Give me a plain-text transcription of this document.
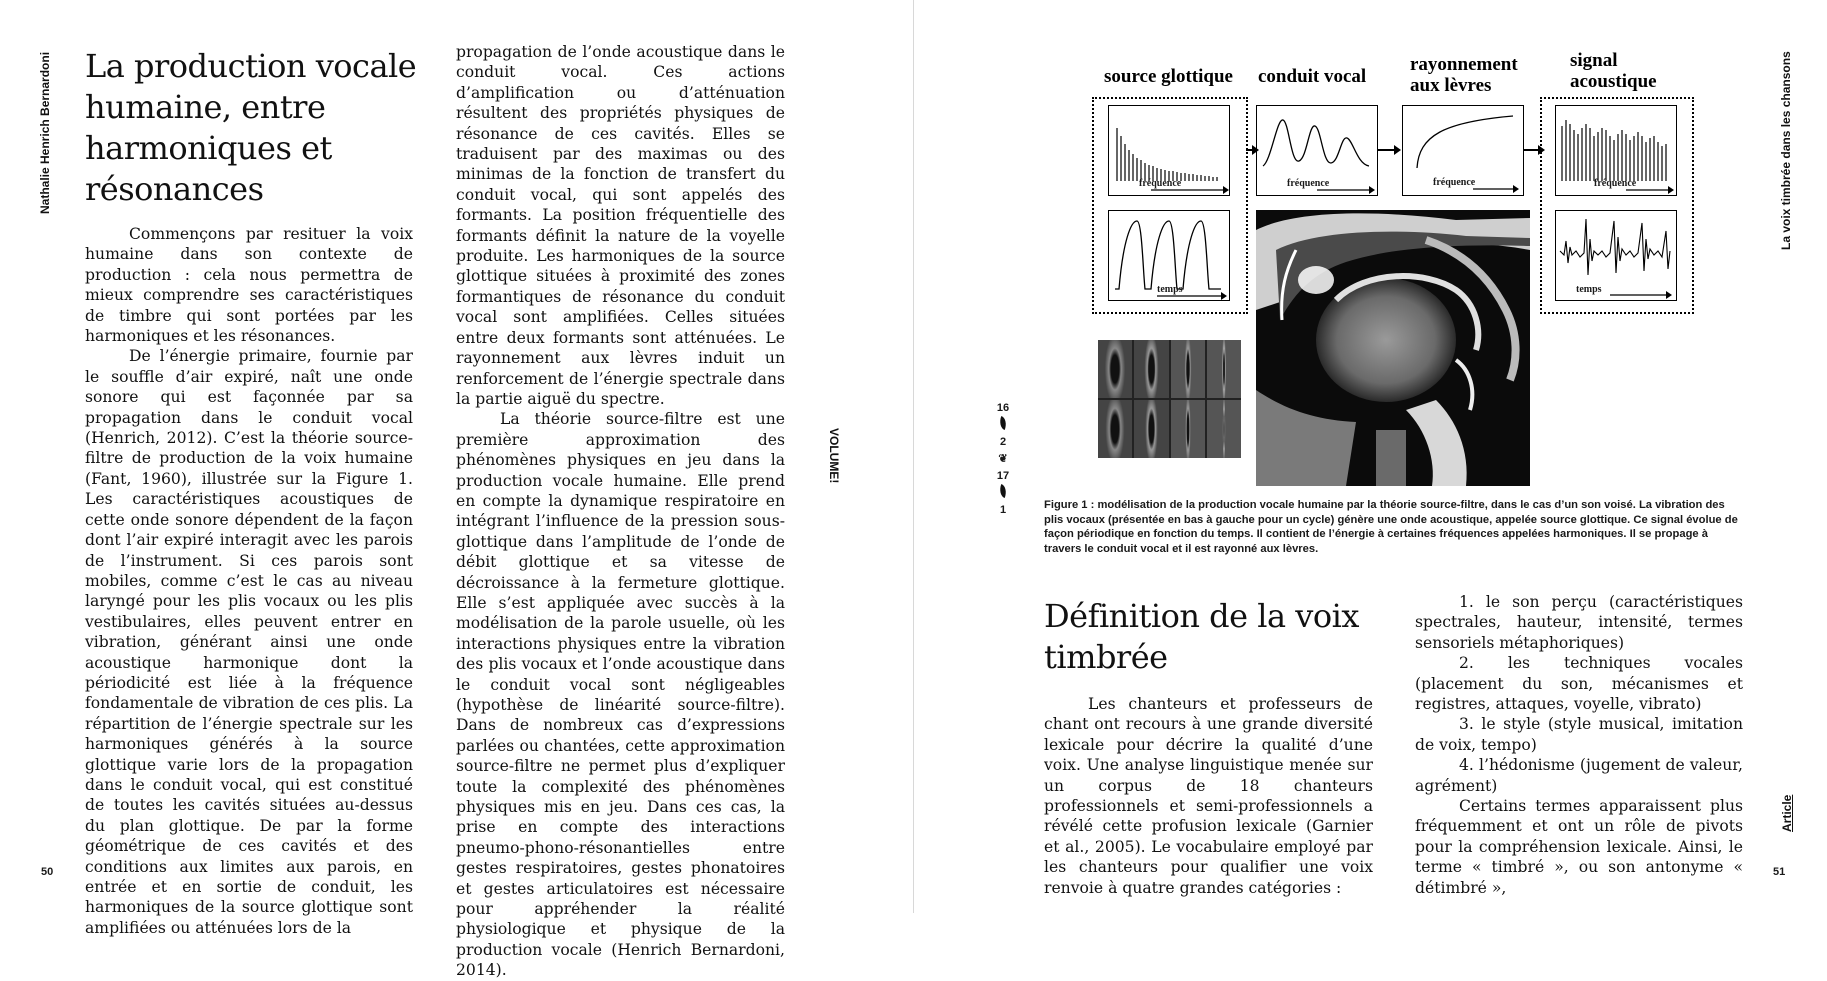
Nathalie Henrich Bernardoni
VOLUME!
50
La production vocale
humaine, entre
harmoniques et
résonances

Commençons par resituer la voix humaine dans son contexte de production : cela nous permettra de mieux comprendre ses caractéristiques de timbre qui sont portées par les harmoniques et les résonances.

De l’énergie primaire, fournie par le souffle d’air expiré, naît une onde sonore qui est façonnée par sa propagation dans le conduit vocal (Henrich, 2012). C’est la théorie source-filtre de production de la voix humaine (Fant, 1960), illustrée sur la Figure 1. Les caractéristiques acoustiques de cette onde sonore dépendent de la façon dont l’air expiré interagit avec les parois de l’instrument. Si ces parois sont mobiles, comme c’est le cas au niveau laryngé pour les plis vocaux ou les plis vestibulaires, elles peuvent entrer en vibration, générant ainsi une onde acoustique harmonique dont la périodicité est liée à la fréquence fondamentale de vibration de ces plis. La répartition de l’énergie spectrale sur les harmoniques générés à la source glottique varie lors de la propagation dans le conduit vocal, qui est constitué de toutes les cavités situées au-dessus du plan glottique. De par la forme géométrique de ces cavités et des conditions aux limites aux parois, en entrée et en sortie de conduit, les harmoniques de la source glottique sont amplifiées ou atténuées lors de la

propagation de l’onde acoustique dans le conduit vocal. Ces actions d’amplification ou d’atténuation résultent des propriétés physiques de résonance de ces cavités. Elles se traduisent par des maximas ou des minimas de la fonction de transfert du conduit vocal, qui sont appelés des formants. La position fréquentielle des formants définit la nature de la voyelle produite. Les harmoniques de la source glottique situées à proximité des zones formantiques de résonance du conduit vocal sont amplifiées. Celles situées entre deux formants sont atténuées. Le rayonnement aux lèvres induit un renforcement de l’énergie spectrale dans la partie aiguë du spectre.

La théorie source-filtre est une première approximation des phénomènes physiques en jeu dans la production vocale humaine. Elle prend en compte la dynamique respiratoire en intégrant l’influence de la pression sous-glottique dans l’amplitude de l’onde de débit glottique et sa vitesse de décroissance à la fermeture glottique. Elle s’est appliquée avec succès à la modélisation de la parole usuelle, où les interactions physiques entre la vibration des plis vocaux et l’onde acoustique dans le conduit vocal sont négligeables (hypothèse de linéarité source-filtre). Dans de nombreux cas d’expressions parlées ou chantées, cette approximation source-filtre ne permet plus d’expliquer toute la complexité des phénomènes physiques mis en jeu. Dans ces cas, la prise en compte des interactions pneumo-phono-résonantielles entre gestes respiratoires, gestes phonatoires et gestes articulatoires est nécessaire pour appréhender la réalité physiologique et physique de la production vocale (Henrich Bernardoni, 2014).

La voix timbrée dans les chansons
Article
51
16
2
❦
17
1
source glottique conduit vocal
rayonnement aux lèvres
signal acoustique
fréquence
temps
fréquence	fréquence	fréquence
temps
Figure 1 : modélisation de la production vocale humaine par la théorie source-filtre, dans le cas d’un son voisé. La vibration des plis vocaux (présentée en bas à gauche pour un cycle) génère une onde acoustique, appelée source glottique. Ce signal évolue de façon périodique en fonction du temps. Il contient de l’énergie à certaines fréquences appelées harmoniques. Il se propage à travers le conduit vocal et il est rayonné aux lèvres.
Définition de la voix
timbrée

Les chanteurs et professeurs de chant ont recours à une grande diversité lexicale pour décrire la qualité d’une voix. Une analyse linguistique menée sur un corpus de 18 chanteurs professionnels et semi-professionnels a révélé cette profusion lexicale (Garnier et al., 2005). Le vocabulaire employé par les chanteurs pour qualifier une voix renvoie à quatre grandes catégories :

1. le son perçu (caractéristiques spectrales, hauteur, intensité, termes sensoriels métaphoriques)

2. les techniques vocales (placement du son, mécanismes et registres, attaques, voyelle, vibrato)

3. le style (style musical, imitation de voix, tempo)

4. l’hédonisme (jugement de valeur, agrément)

Certains termes apparaissent plus fréquemment et ont un rôle de pivots pour la compréhension lexicale. Ainsi, le terme « timbré », ou son antonyme « détimbré »,
